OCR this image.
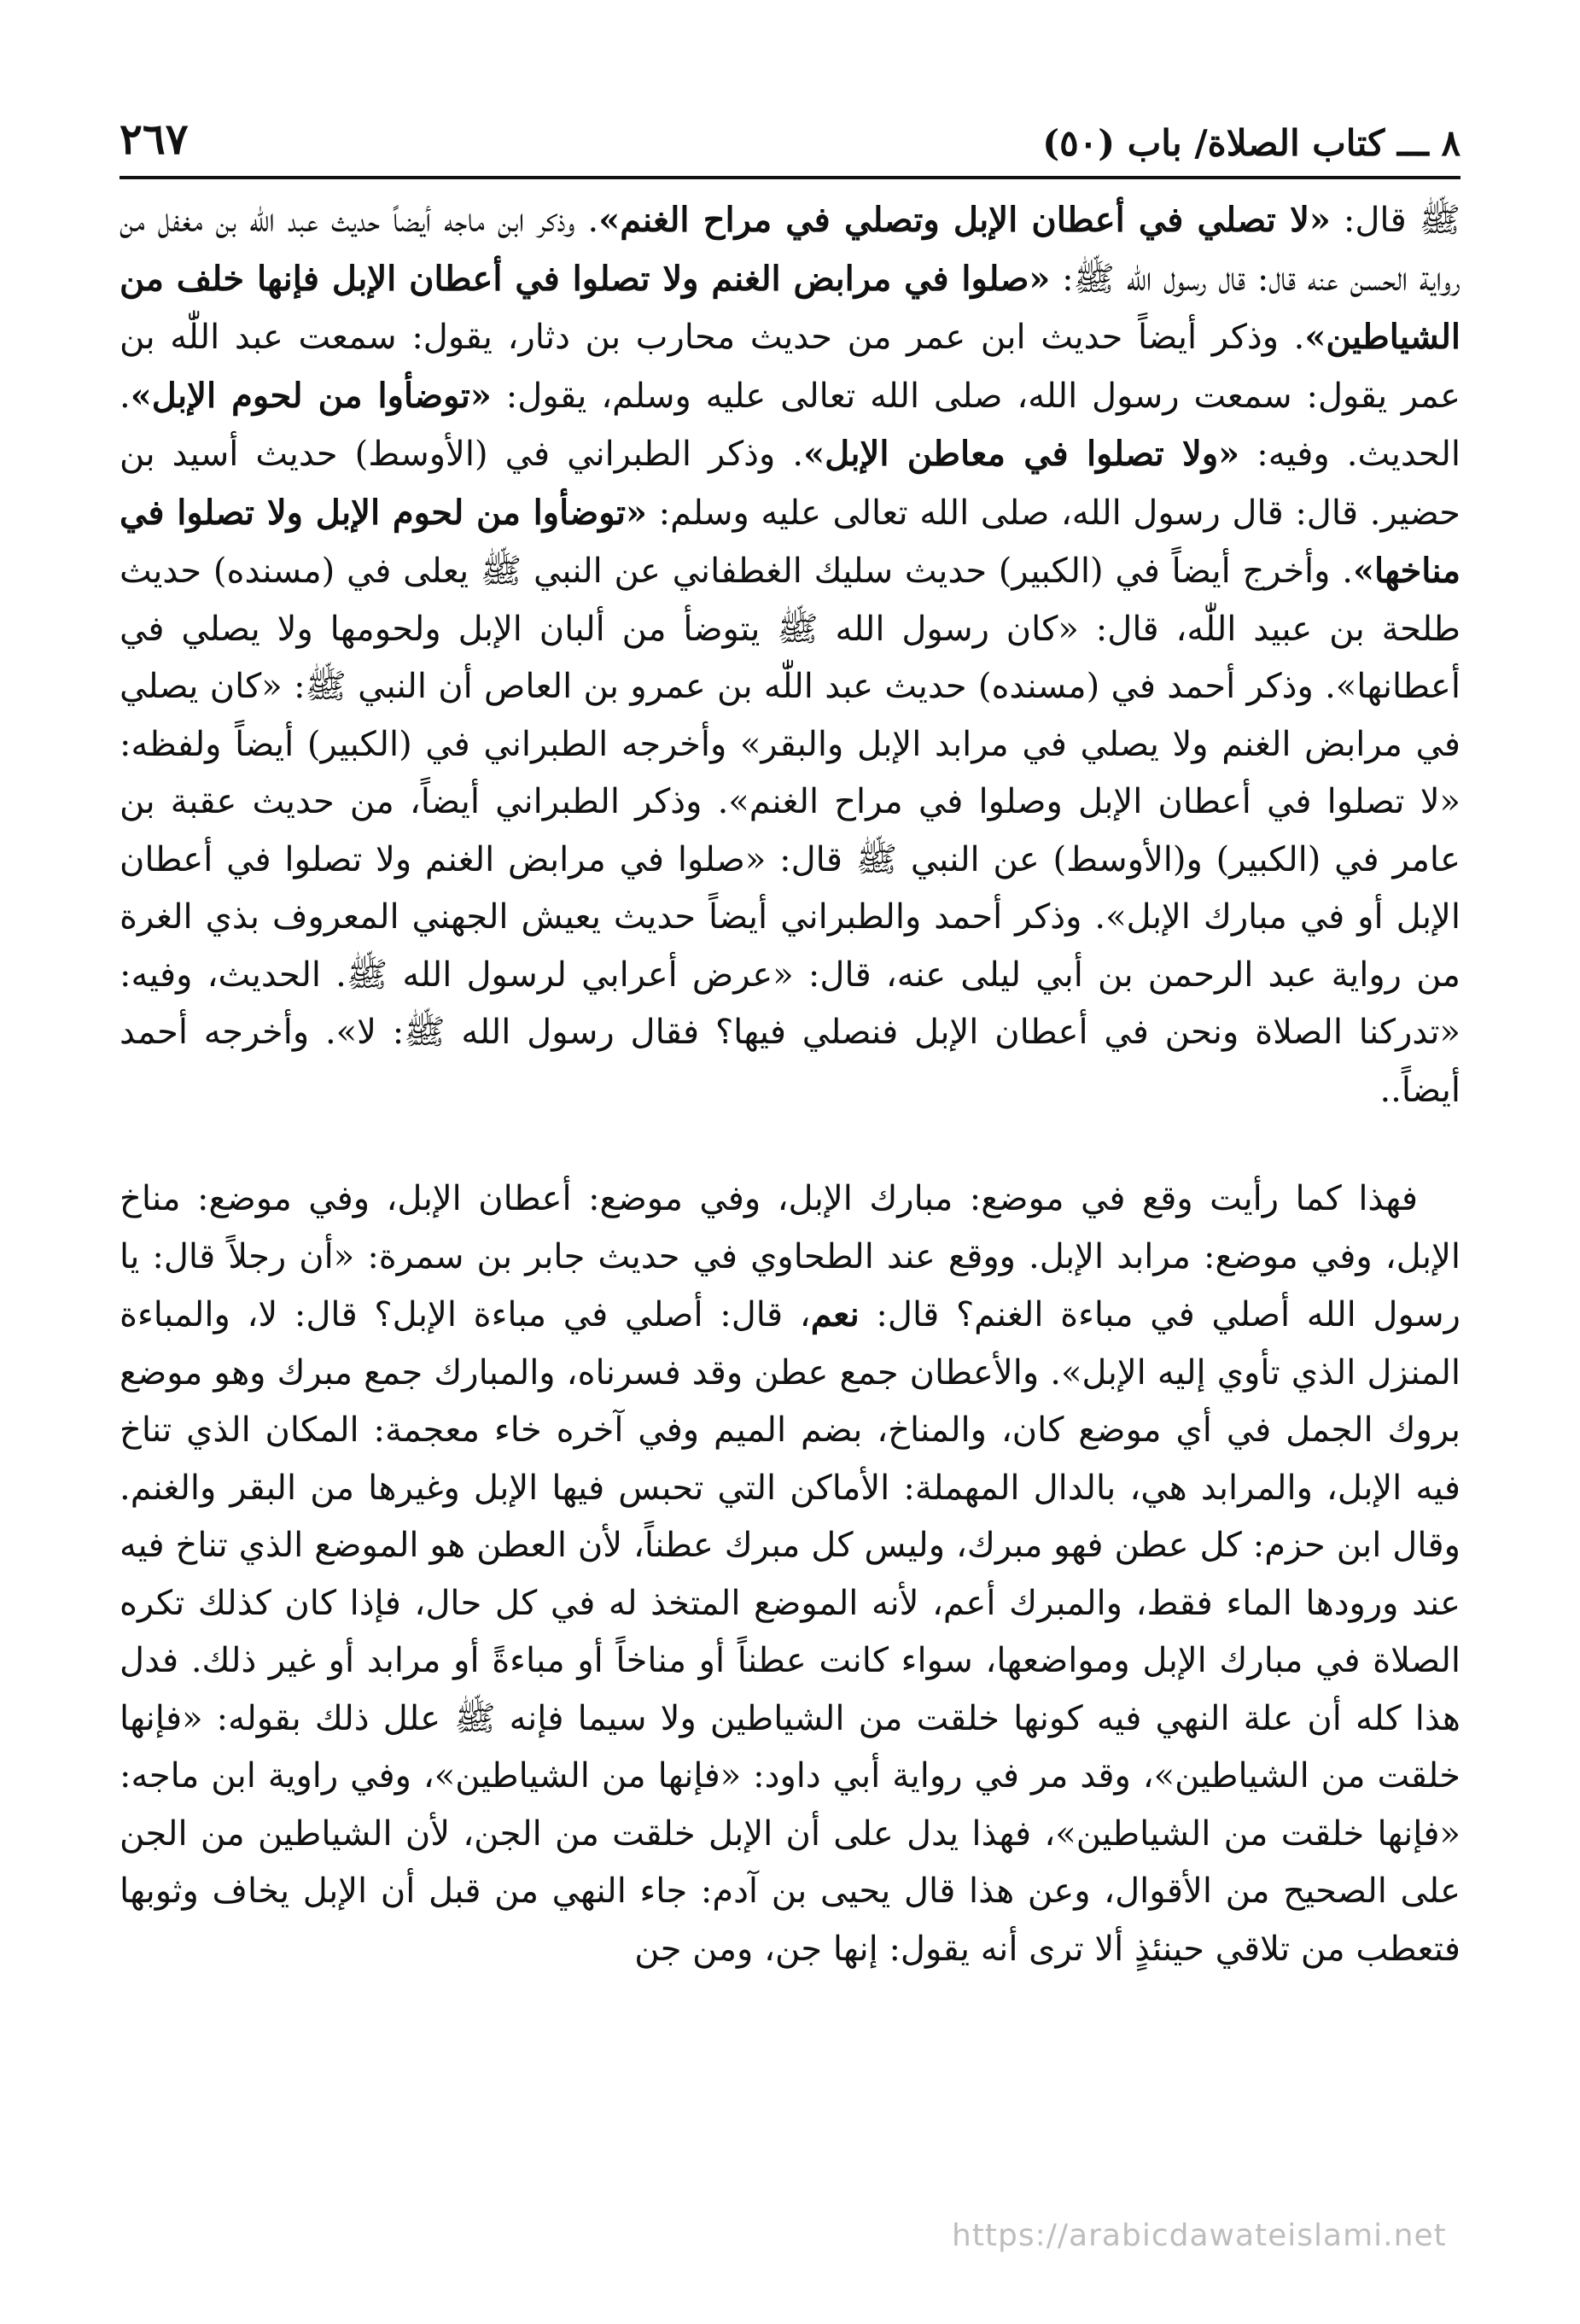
٨ ـــ كتاب الصلاة/ باب (٥٠)
٢٦٧

ﷺ قال: «لا تصلي في أعطان الإبل وتصلي في مراح الغنم». وذكر ابن ماجه أيضاً حديث عبد اللّٰه بن مغفل من رواية الحسن عنه قال: قال رسول الله ﷺ: «صلوا في مرابض الغنم ولا تصلوا في أعطان الإبل فإنها خلف من الشياطين». وذكر أيضاً حديث ابن عمر من حديث محارب بن دثار، يقول: سمعت عبد اللّٰه بن عمر يقول: سمعت رسول الله، صلى الله تعالى عليه وسلم، يقول: «توضأوا من لحوم الإبل». الحديث. وفيه: «ولا تصلوا في معاطن الإبل». وذكر الطبراني في (الأوسط) حديث أسيد بن حضير. قال: قال رسول الله، صلى الله تعالى عليه وسلم: «توضأوا من لحوم الإبل ولا تصلوا في مناخها». وأخرج أيضاً في (الكبير) حديث سليك الغطفاني عن النبي ﷺ يعلى في (مسنده) حديث طلحة بن عبيد اللّٰه، قال: «كان رسول الله ﷺ يتوضأ من ألبان الإبل ولحومها ولا يصلي في أعطانها». وذكر أحمد في (مسنده) حديث عبد اللّٰه بن عمرو بن العاص أن النبي ﷺ: «كان يصلي في مرابض الغنم ولا يصلي في مرابد الإبل والبقر» وأخرجه الطبراني في (الكبير) أيضاً ولفظه: «لا تصلوا في أعطان الإبل وصلوا في مراح الغنم». وذكر الطبراني أيضاً، من حديث عقبة بن عامر في (الكبير) و(الأوسط) عن النبي ﷺ قال: «صلوا في مرابض الغنم ولا تصلوا في أعطان الإبل أو في مبارك الإبل». وذكر أحمد والطبراني أيضاً حديث يعيش الجهني المعروف بذي الغرة من رواية عبد الرحمن بن أبي ليلى عنه، قال: «عرض أعرابي لرسول الله ﷺ. الحديث، وفيه: «تدركنا الصلاة ونحن في أعطان الإبل فنصلي فيها؟ فقال رسول الله ﷺ: لا». وأخرجه أحمد أيضاً..

فهذا كما رأيت وقع في موضع: مبارك الإبل، وفي موضع: أعطان الإبل، وفي موضع: مناخ الإبل، وفي موضع: مرابد الإبل. ووقع عند الطحاوي في حديث جابر بن سمرة: «أن رجلاً قال: يا رسول الله أصلي في مباءة الغنم؟ قال: نعم، قال: أصلي في مباءة الإبل؟ قال: لا، والمباءة المنزل الذي تأوي إليه الإبل». والأعطان جمع عطن وقد فسرناه، والمبارك جمع مبرك وهو موضع بروك الجمل في أي موضع كان، والمناخ، بضم الميم وفي آخره خاء معجمة: المكان الذي تناخ فيه الإبل، والمرابد هي، بالدال المهملة: الأماكن التي تحبس فيها الإبل وغيرها من البقر والغنم. وقال ابن حزم: كل عطن فهو مبرك، وليس كل مبرك عطناً، لأن العطن هو الموضع الذي تناخ فيه عند ورودها الماء فقط، والمبرك أعم، لأنه الموضع المتخذ له في كل حال، فإذا كان كذلك تكره الصلاة في مبارك الإبل ومواضعها، سواء كانت عطناً أو مناخاً أو مباءةً أو مرابد أو غير ذلك. فدل هذا كله أن علة النهي فيه كونها خلقت من الشياطين ولا سيما فإنه ﷺ علل ذلك بقوله: «فإنها خلقت من الشياطين»، وقد مر في رواية أبي داود: «فإنها من الشياطين»، وفي راوية ابن ماجه: «فإنها خلقت من الشياطين»، فهذا يدل على أن الإبل خلقت من الجن، لأن الشياطين من الجن على الصحيح من الأقوال، وعن هذا قال يحيى بن آدم: جاء النهي من قبل أن الإبل يخاف وثوبها فتعطب من تلاقي حينئذٍ ألا ترى أنه يقول: إنها جن، ومن جن

https://arabicdawateislami.net
